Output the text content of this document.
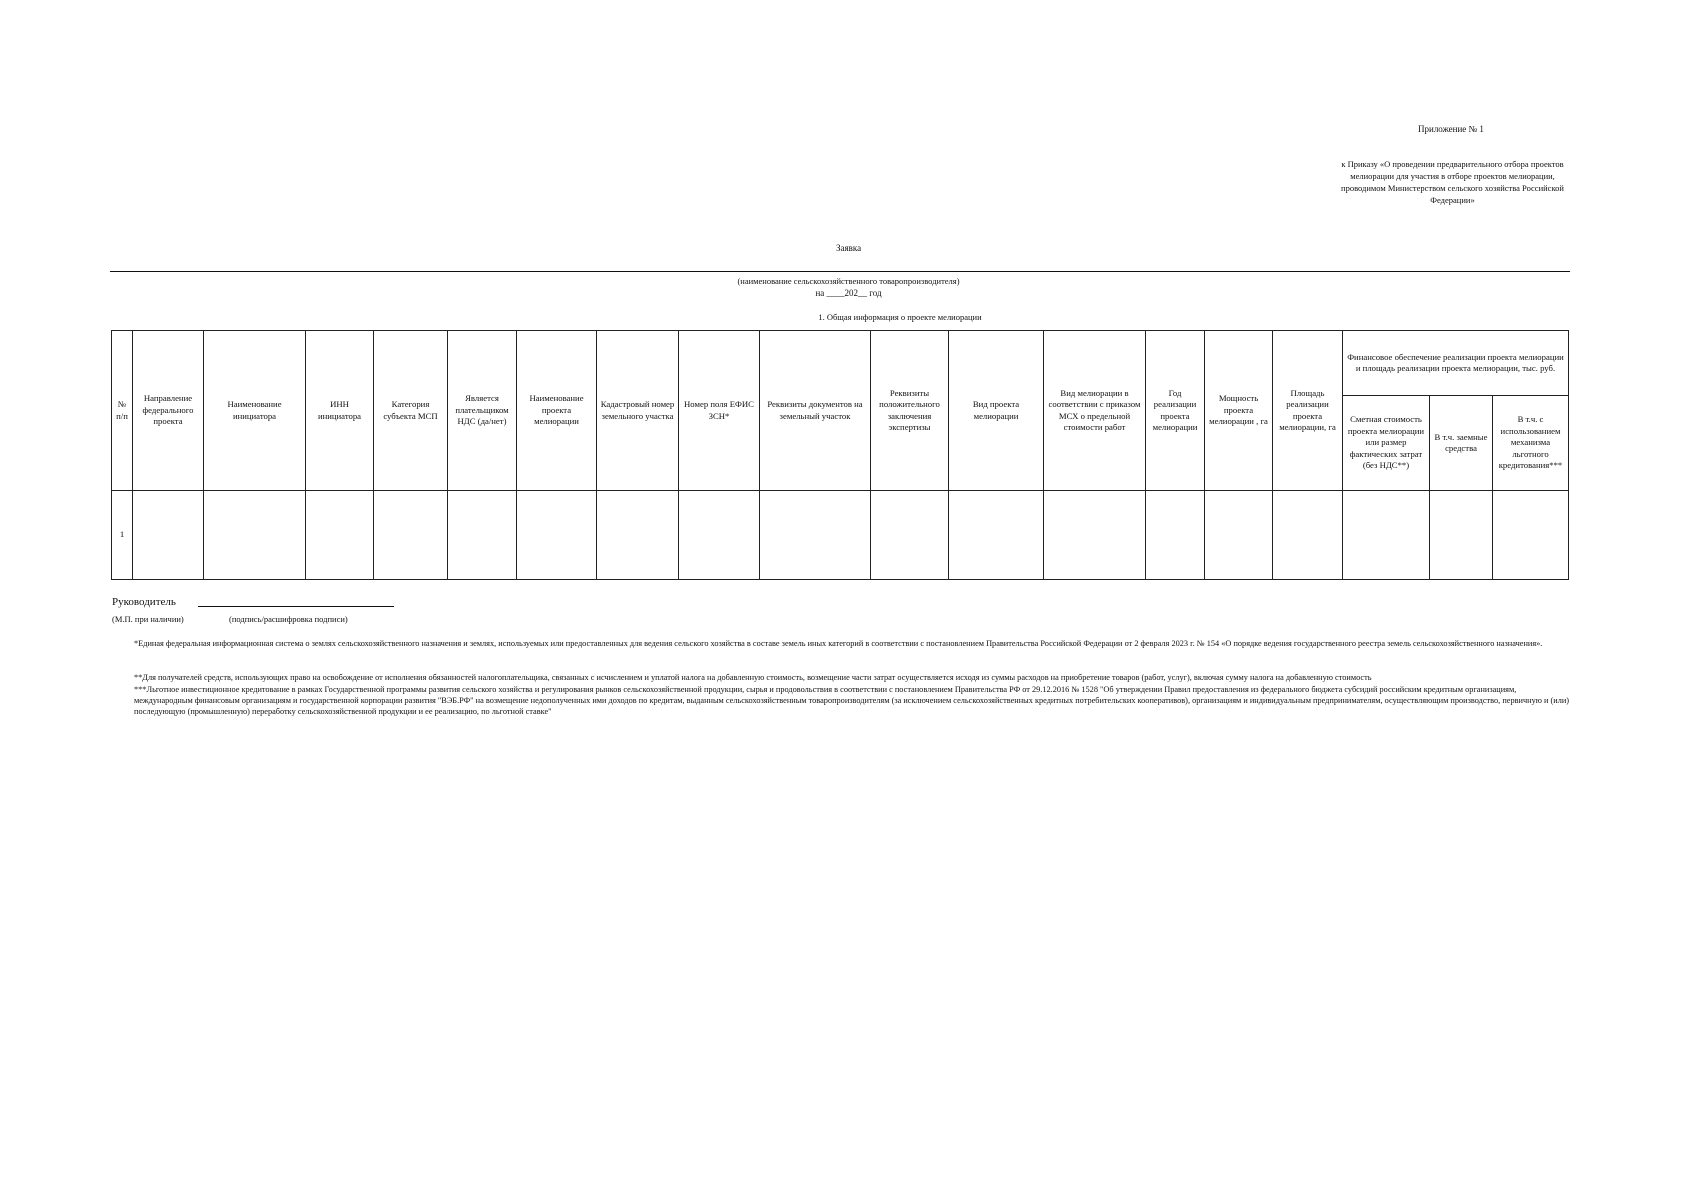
Приложение № 1
к Приказу «О проведении предварительного отбора проектов мелиорации для участия в отборе проектов мелиорации, проводимом Министерством сельского хозяйства Российской Федерации»
Заявка
(наименование сельскохозяйственного товаропроизводителя)
на ____202__ год
1. Общая информация о проекте мелиорации
№ п/п	Направление федерального проекта	Наименование инициатора	ИНН инициатора	Категория субъекта МСП	Является плательщиком НДС (да/нет)	Наименование проекта мелиорации	Кадастровый номер земельного участка	Номер поля ЕФИС ЗСН*	Реквизиты документов на земельный участок	Реквизиты положительного заключения экспертизы	Вид проекта мелиорации	Вид мелиорации в соответствии с приказом МСХ о предельной стоимости работ	Год реализации проекта мелиорации	Мощность проекта мелиорации , га	Площадь реализации проекта мелиорации, га	Финансовое обеспечение реализации проекта мелиорации и площадь реализации проекта мелиорации, тыс. руб.		
																Сметная стоимость проекта мелиорации или размер фактических затрат (без НДС**)	В т.ч. заемные средства	В т.ч. с использованием механизма льготного кредитования***
1																		
Руководитель
(М.П. при наличии)	(подпись/расшифровка подписи)
*Единая федеральная информационная система о землях сельскохозяйственного назначения и землях, используемых или предоставленных для ведения сельского хозяйства в составе земель иных категорий в соответствии с постановлением Правительства Российской Федерации от 2 февраля 2023 г. № 154 «О порядке ведения государственного реестра земель сельскохозяйственного назначения».
**Для получателей средств, использующих право на освобождение от исполнения обязанностей налогоплательщика, связанных с исчислением и уплатой налога на добавленную стоимость, возмещение части затрат осуществляется исходя из суммы расходов на приобретение товаров (работ, услуг), включая сумму налога на добавленную стоимость
***Льготное инвестиционное кредитование в рамках Государственной программы развития сельского хозяйства и регулирования рынков сельскохозяйственной продукции, сырья и продовольствия в соответствии с постановлением Правительства РФ от 29.12.2016 № 1528 "Об утверждении Правил предоставления из федерального бюджета субсидий российским кредитным организациям, международным финансовым организациям и государственной корпорации развития "ВЭБ.РФ" на возмещение недополученных ими доходов по кредитам, выданным сельскохозяйственным товаропроизводителям (за исключением сельскохозяйственных кредитных потребительских кооперативов), организациям и индивидуальным предпринимателям, осуществляющим производство, первичную и (или) последующую (промышленную) переработку сельскохозяйственной продукции и ее реализацию, по льготной ставке"
